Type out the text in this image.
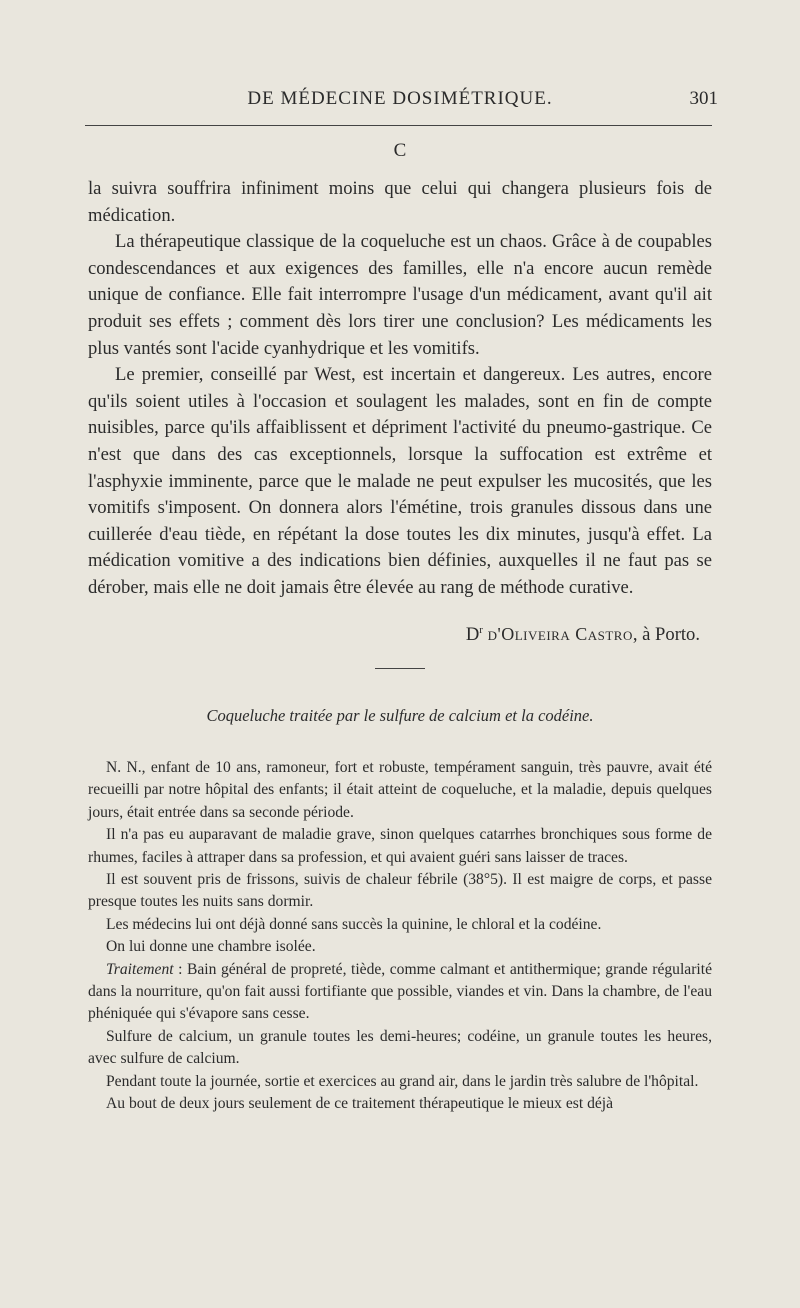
DE MÉDECINE DOSIMÉTRIQUE.	301
C

la suivra souffrira infiniment moins que celui qui changera plusieurs fois de médication.

La thérapeutique classique de la coqueluche est un chaos. Grâce à de coupables condescendances et aux exigences des familles, elle n'a encore aucun remède unique de confiance. Elle fait interrompre l'usage d'un médicament, avant qu'il ait produit ses effets ; comment dès lors tirer une conclusion? Les médicaments les plus vantés sont l'acide cyanhydrique et les vomitifs.

Le premier, conseillé par West, est incertain et dangereux. Les autres, encore qu'ils soient utiles à l'occasion et soulagent les malades, sont en fin de compte nuisibles, parce qu'ils affaiblissent et dépriment l'activité du pneumo-gastrique. Ce n'est que dans des cas exceptionnels, lorsque la suffocation est extrême et l'asphyxie imminente, parce que le malade ne peut expulser les mucosités, que les vomitifs s'imposent. On donnera alors l'émétine, trois granules dissous dans une cuillerée d'eau tiède, en répétant la dose toutes les dix minutes, jusqu'à effet. La médication vomitive a des indications bien définies, auxquelles il ne faut pas se dérober, mais elle ne doit jamais être élevée au rang de méthode curative.

$D^r$ d'Oliveira Castro, à Porto.
Coqueluche traitée par le sulfure de calcium et la codéine.

N. N., enfant de 10 ans, ramoneur, fort et robuste, tempérament sanguin, très pauvre, avait été recueilli par notre hôpital des enfants; il était atteint de coqueluche, et la maladie, depuis quelques jours, était entrée dans sa seconde période.

Il n'a pas eu auparavant de maladie grave, sinon quelques catarrhes bronchiques sous forme de rhumes, faciles à attraper dans sa profession, et qui avaient guéri sans laisser de traces.

Il est souvent pris de frissons, suivis de chaleur fébrile (38°5). Il est maigre de corps, et passe presque toutes les nuits sans dormir.

Les médecins lui ont déjà donné sans succès la quinine, le chloral et la codéine.

On lui donne une chambre isolée.

Traitement : Bain général de propreté, tiède, comme calmant et antithermique; grande régularité dans la nourriture, qu'on fait aussi fortifiante que possible, viandes et vin. Dans la chambre, de l'eau phéniquée qui s'évapore sans cesse.

Sulfure de calcium, un granule toutes les demi-heures; codéine, un granule toutes les heures, avec sulfure de calcium.

Pendant toute la journée, sortie et exercices au grand air, dans le jardin très salubre de l'hôpital.

Au bout de deux jours seulement de ce traitement thérapeutique le mieux est déjà
